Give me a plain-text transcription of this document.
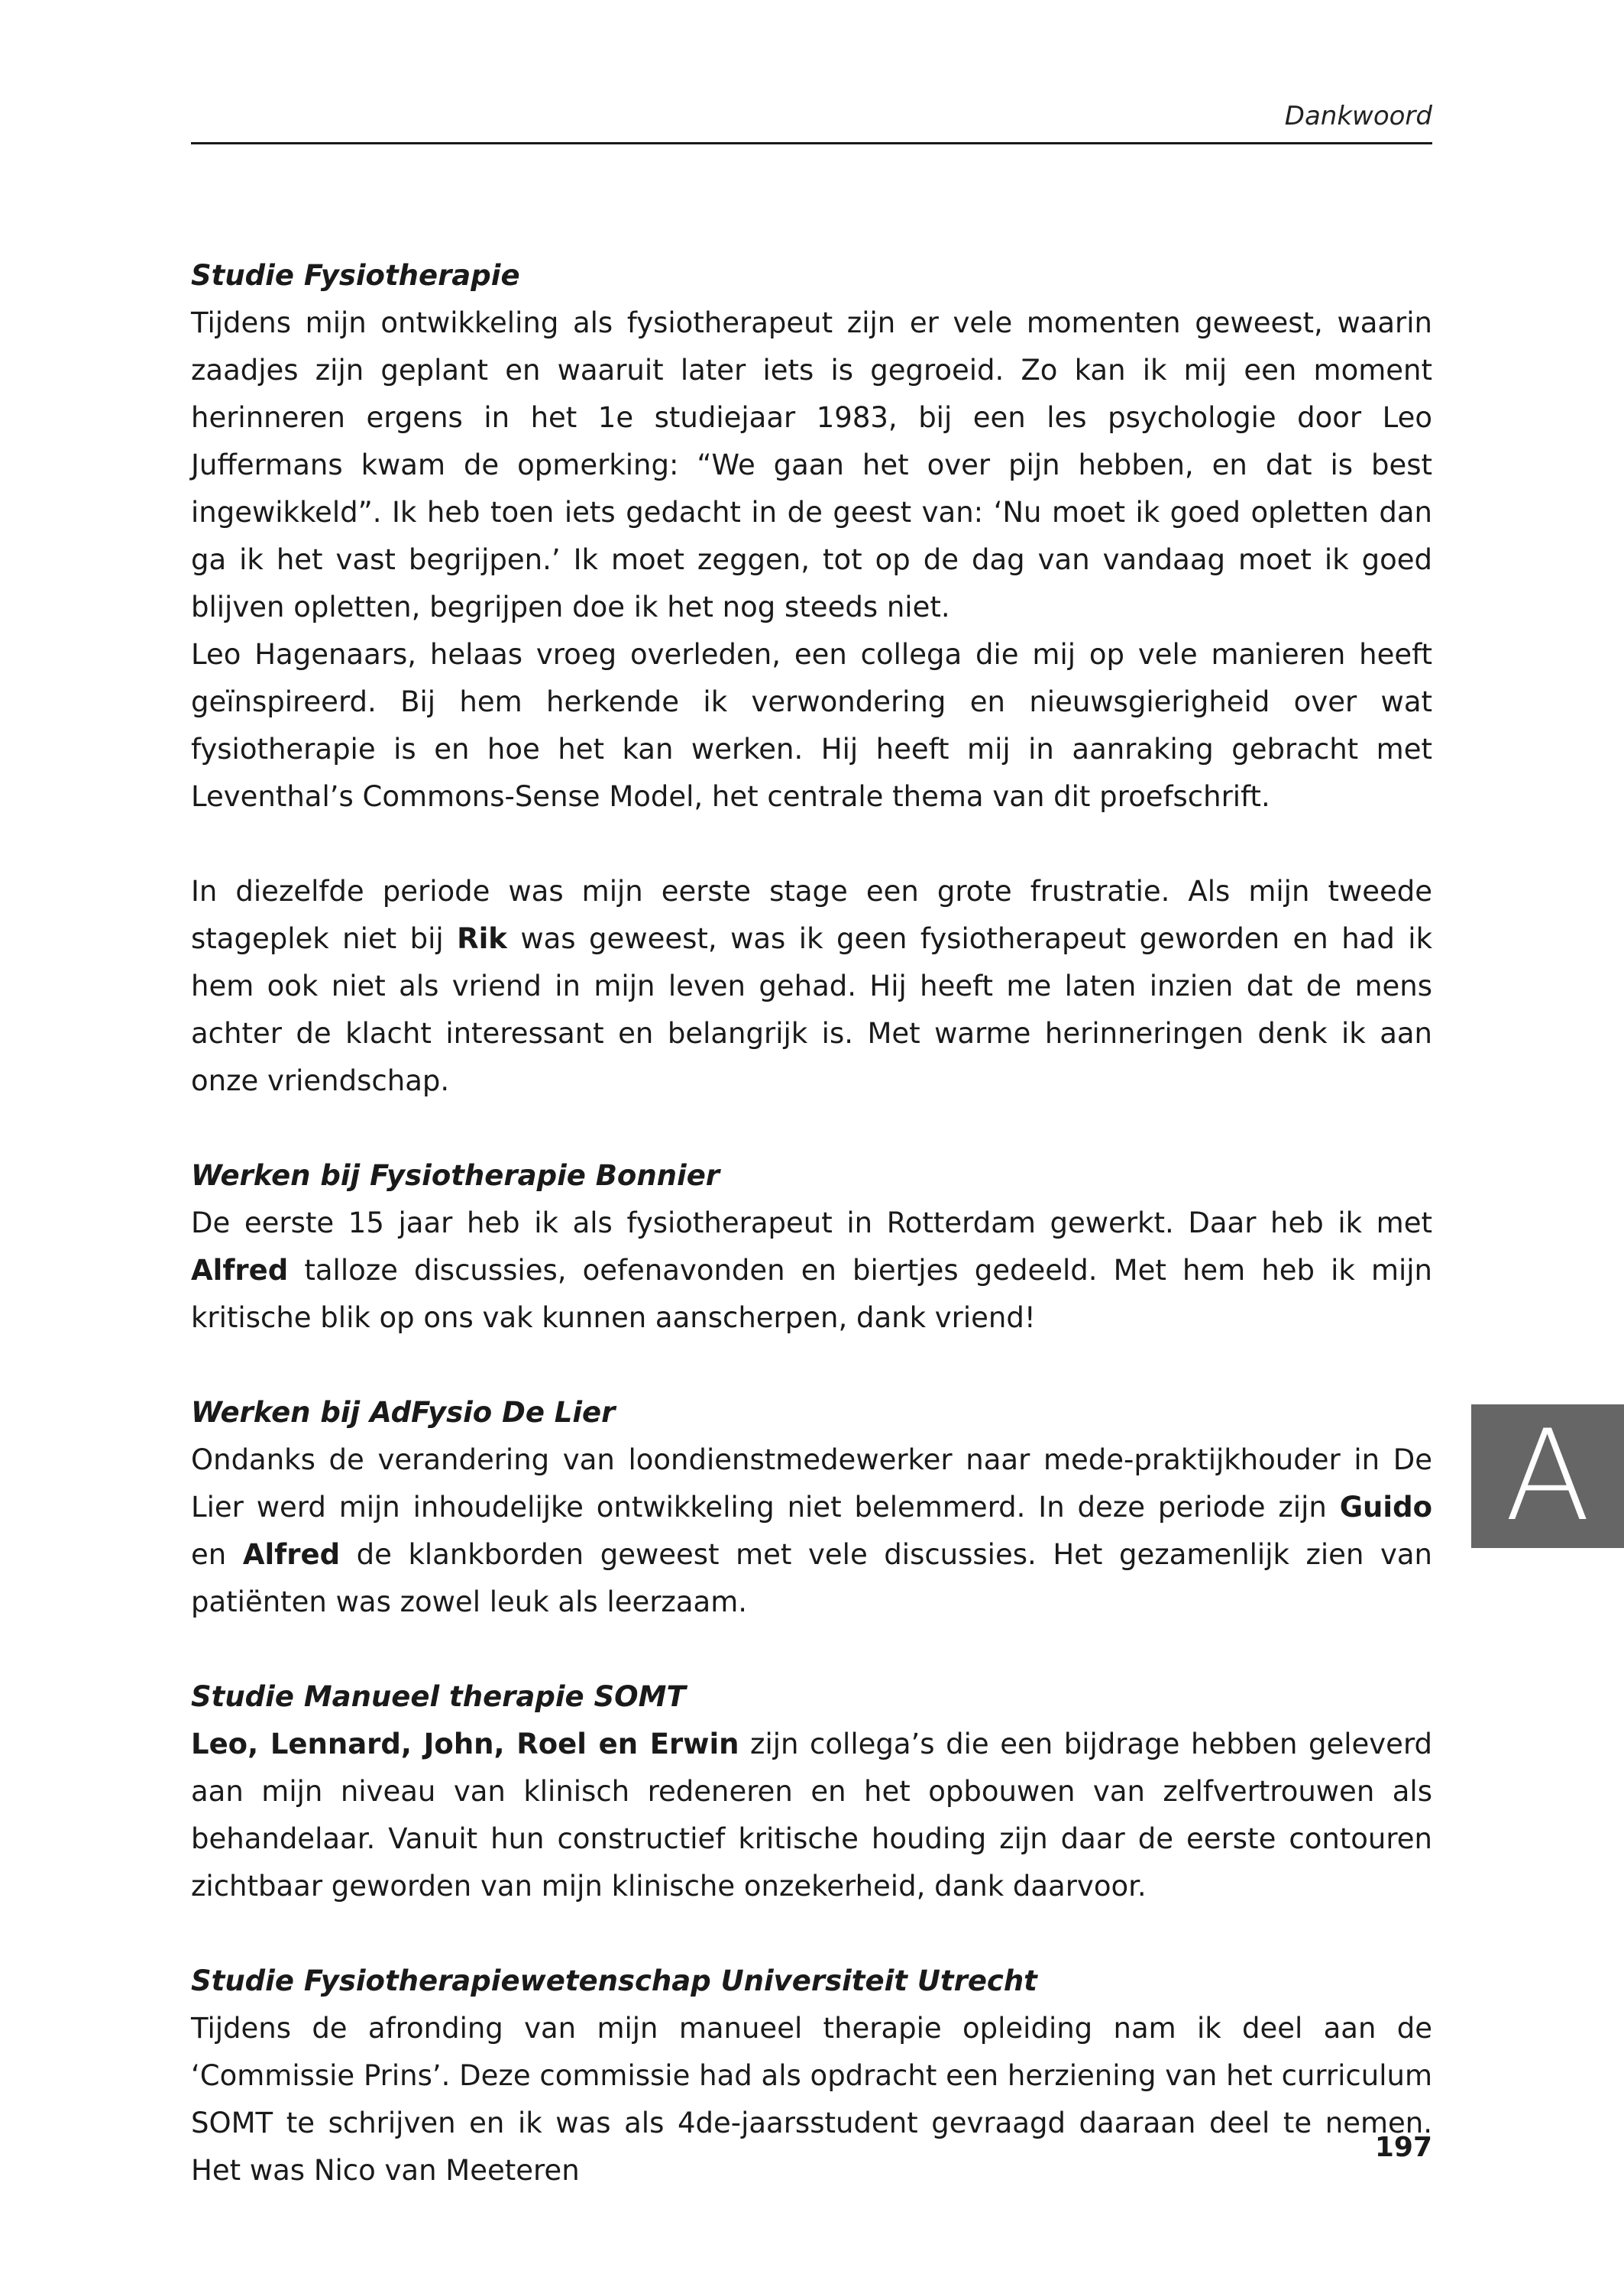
Dankwoord
Studie Fysiotherapie

Tijdens mijn ontwikkeling als fysiotherapeut zijn er vele momenten geweest, waarin zaadjes zijn geplant en waaruit later iets is gegroeid. Zo kan ik mij een moment herinneren ergens in het 1e studiejaar 1983, bij een les psychologie door Leo Juffermans kwam de opmerking: “We gaan het over pijn hebben, en dat is best ingewikkeld”. Ik heb toen iets gedacht in de geest van: ‘Nu moet ik goed opletten dan ga ik het vast begrijpen.’ Ik moet zeggen, tot op de dag van vandaag moet ik goed blijven opletten, begrijpen doe ik het nog steeds niet.

Leo Hagenaars, helaas vroeg overleden, een collega die mij op vele manieren heeft geïnspireerd. Bij hem herkende ik verwondering en nieuwsgierigheid over wat fysiotherapie is en hoe het kan werken. Hij heeft mij in aanraking gebracht met Leventhal’s Commons-Sense Model, het centrale thema van dit proefschrift.

In diezelfde periode was mijn eerste stage een grote frustratie. Als mijn tweede stageplek niet bij Rik was geweest, was ik geen fysiotherapeut geworden en had ik hem ook niet als vriend in mijn leven gehad. Hij heeft me laten inzien dat de mens achter de klacht interessant en belangrijk is. Met warme herinneringen denk ik aan onze vriendschap.

Werken bij Fysiotherapie Bonnier

De eerste 15 jaar heb ik als fysiotherapeut in Rotterdam gewerkt. Daar heb ik met Alfred talloze discussies, oefenavonden en biertjes gedeeld. Met hem heb ik mijn kritische blik op ons vak kunnen aanscherpen, dank vriend!

Werken bij AdFysio De Lier

Ondanks de verandering van loondienstmedewerker naar mede-praktijkhouder in De Lier werd mijn inhoudelijke ontwikkeling niet belemmerd. In deze periode zijn Guido en Alfred de klankborden geweest met vele discussies. Het gezamenlijk zien van patiënten was zowel leuk als leerzaam.

Studie Manueel therapie SOMT

Leo, Lennard, John, Roel en Erwin zijn collega’s die een bijdrage hebben geleverd aan mijn niveau van klinisch redeneren en het opbouwen van zelfvertrouwen als behandelaar. Vanuit hun constructief kritische houding zijn daar de eerste contouren zichtbaar geworden van mijn klinische onzekerheid, dank daarvoor.

Studie Fysiotherapiewetenschap Universiteit Utrecht

Tijdens de afronding van mijn manueel therapie opleiding nam ik deel aan de ‘Commissie Prins’. Deze commissie had als opdracht een herziening van het curriculum SOMT te schrijven en ik was als 4de-jaarsstudent gevraagd daaraan deel te nemen. Het was Nico van Meeteren

A
197
